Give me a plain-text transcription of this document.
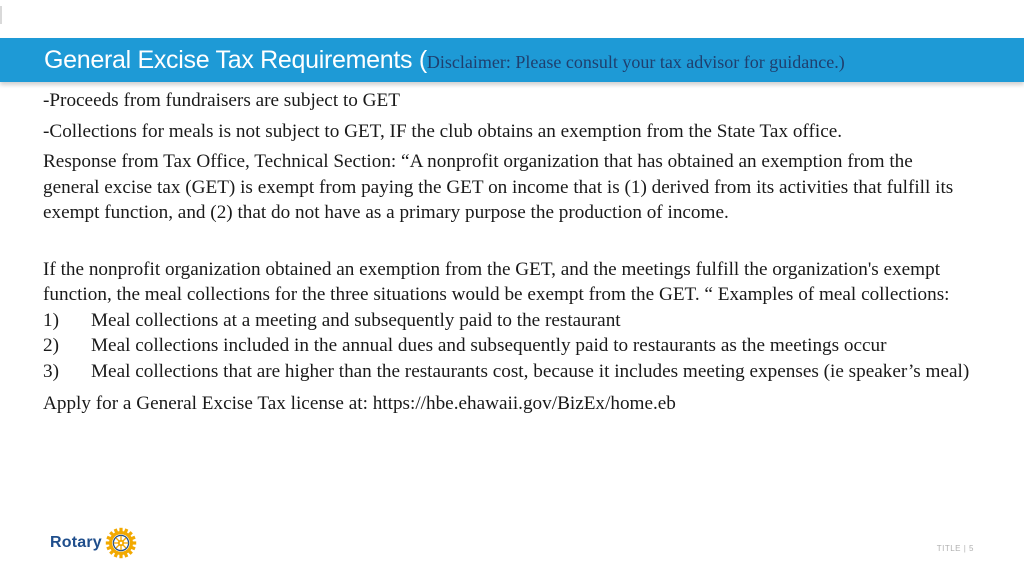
General Excise Tax Requirements (Disclaimer: Please consult your tax advisor for guidance.)

-Proceeds from fundraisers are subject to GET

-Collections for meals is not subject to GET, IF the club obtains an exemption from the State Tax office.

Response from Tax Office, Technical Section: “A nonprofit organization that has obtained an exemption from the general excise tax (GET) is exempt from paying the GET on income that is (1) derived from its activities that fulfill its exempt function, and (2) that do not have as a primary purpose the production of income.

If the nonprofit organization obtained an exemption from the GET, and the meetings fulfill the organization's exempt function, the meal collections for the three situations would be exempt from the GET. “ Examples of meal collections:

1) Meal collections at a meeting and subsequently paid to the restaurant

2) Meal collections included in the annual dues and subsequently paid to restaurants as the meetings occur

3) Meal collections that are higher than the restaurants cost, because it includes meeting expenses (ie speaker’s meal)

Apply for a General Excise Tax license at: https://hbe.ehawaii.gov/BizEx/home.eb

Rotary	TITLE | 5
